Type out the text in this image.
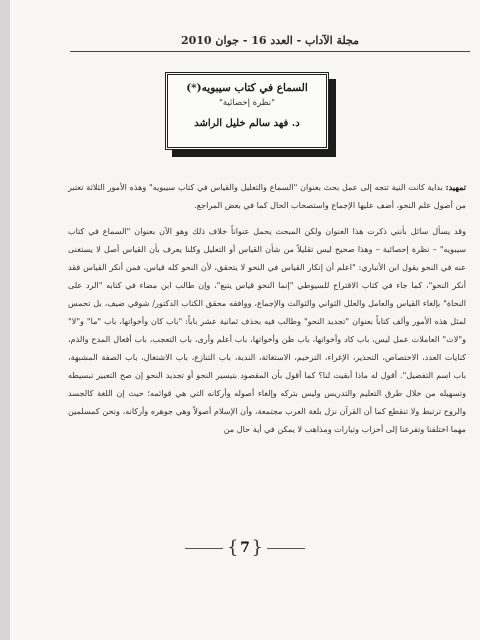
مجلة الآداب - العدد 16 - جوان 2010
السماع في كتاب سيبويه(*)
"نظرة إحصائية"
د. فهد سالم خليل الراشد

تمهيد: بداية كانت النية تتجه إلى عمل بحث بعنوان "السماع والتعليل والقياس في كتاب سيبويه" وهذه الأمور الثلاثة تعتبر من أصول علم النحو، أضف عليها الإجماع واستصحاب الحال كما في بعض المراجع.

وقد يسأل سائل بأنني ذكرت هذا العنوان ولكن المبحث يحمل عنواناً خلاف ذلك وهو الآن بعنوان "السماع في كتاب سيبويه" – نظرة إحصائية – وهذا صحيح ليس تقليلاً من شأن القياس أو التعليل وكلنا يعرف بأن القياس أصل لا يستغنى عنه في النحو يقول ابن الأنباري: "اعلم أن إنكار القياس في النحو لا يتحقق، لأن النحو كله قياس، فمن أنكر القياس فقد أنكر النحو"، كما جاء في كتاب الاقتراح للسيوطي "إنما النحو قياس يتبع"، وإن طالب ابن مضاء في كتابه "الرد على النحاة" بإلغاء القياس والعامل والعلل الثواني والثوالث والإجماع، ووافقه محقق الكتاب الدكتور/ شوقي ضيف، بل تحمس لمثل هذه الأمور وألف كتاباً بعنوان "تجديد النحو" وطالب فيه بحذف ثمانية عشر باباً: "باب كان وأخواتها، باب "ما" و"لا" و"لات" العاملات عمل ليس، باب كاد وأخواتها، باب ظن وأخواتها، باب أعلم وأرى، باب التعجب، باب أفعال المدح والذم، كنايات العدد، الاختصاص، التحذير، الإغراء، الترخيم، الاستغاثة، الندبة، باب التنازع، باب الاشتغال، باب الصفة المشبهة، باب اسم التفضيل". أقول له ماذا أبقيت لنا؟ كما أقول بأن المقصود بتيسير النحو أو تجديد النحو إن صح التعبير تبسيطه وتسهيله من خلال طرق التعليم والتدريس وليس بتركه وإلغاء أصوله وأركانه التي هي قوائمه؛ حيث إن اللغة كالجسد والروح ترتبط ولا تنقطع كما أن القرآن نزل بلغة العرب مجتمعة، وأن الإسلام أصولاً وهي جوهره وأركانه، ونحن كمسلمين مهما اختلفنا وتفرعنا إلى أحزاب وتيارات ومذاهب لا يمكن في أية حال من

{ 7 }
